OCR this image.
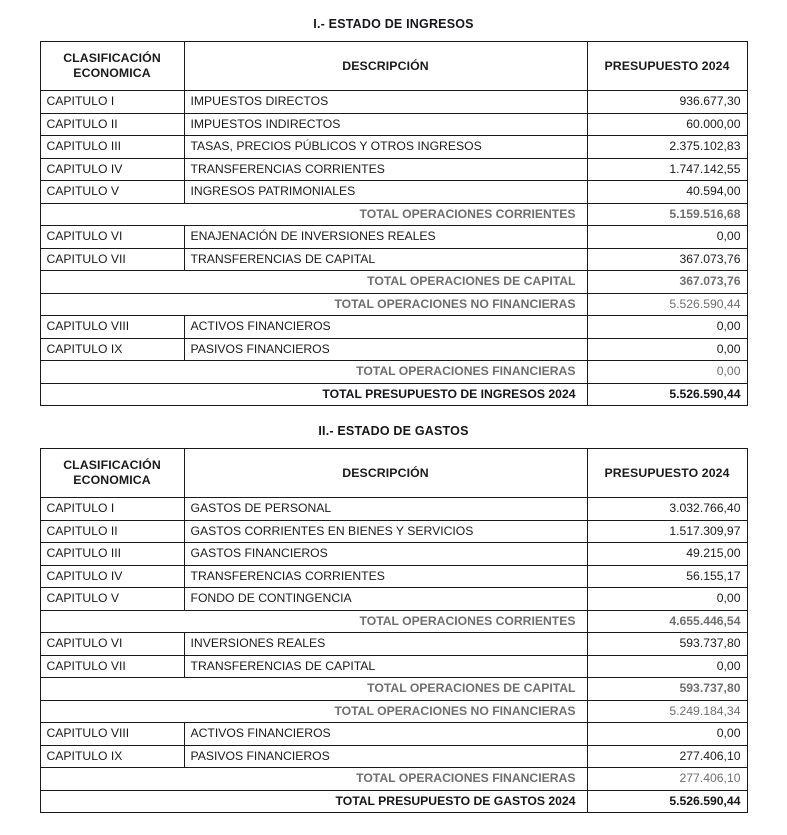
I.- ESTADO DE INGRESOS
CLASIFICACIÓN
ECONOMICA	DESCRIPCIÓN	PRESUPUESTO 2024
CAPITULO I	IMPUESTOS DIRECTOS	936.677,30
CAPITULO II	IMPUESTOS INDIRECTOS	60.000,00
CAPITULO III	TASAS, PRECIOS PÚBLICOS Y OTROS INGRESOS	2.375.102,83
CAPITULO IV	TRANSFERENCIAS CORRIENTES	1.747.142,55
CAPITULO V	INGRESOS PATRIMONIALES	40.594,00
TOTAL OPERACIONES CORRIENTES		5.159.516,68
CAPITULO VI	ENAJENACIÓN DE INVERSIONES REALES	0,00
CAPITULO VII	TRANSFERENCIAS DE CAPITAL	367.073,76
TOTAL OPERACIONES DE CAPITAL		367.073,76
TOTAL OPERACIONES NO FINANCIERAS		5.526.590,44
CAPITULO VIII	ACTIVOS FINANCIEROS	0,00
CAPITULO IX	PASIVOS FINANCIEROS	0,00
TOTAL OPERACIONES FINANCIERAS		0,00
TOTAL PRESUPUESTO DE INGRESOS 2024		5.526.590,44
II.- ESTADO DE GASTOS
CLASIFICACIÓN
ECONOMICA	DESCRIPCIÓN	PRESUPUESTO 2024
CAPITULO I	GASTOS DE PERSONAL	3.032.766,40
CAPITULO II	GASTOS CORRIENTES EN BIENES Y SERVICIOS	1.517.309,97
CAPITULO III	GASTOS FINANCIEROS	49.215,00
CAPITULO IV	TRANSFERENCIAS CORRIENTES	56.155,17
CAPITULO V	FONDO DE CONTINGENCIA	0,00
TOTAL OPERACIONES CORRIENTES		4.655.446,54
CAPITULO VI	INVERSIONES REALES	593.737,80
CAPITULO VII	TRANSFERENCIAS DE CAPITAL	0,00
TOTAL OPERACIONES DE CAPITAL		593.737,80
TOTAL OPERACIONES NO FINANCIERAS		5.249.184,34
CAPITULO VIII	ACTIVOS FINANCIEROS	0,00
CAPITULO IX	PASIVOS FINANCIEROS	277.406,10
TOTAL OPERACIONES FINANCIERAS		277.406,10
TOTAL PRESUPUESTO DE GASTOS 2024		5.526.590,44
